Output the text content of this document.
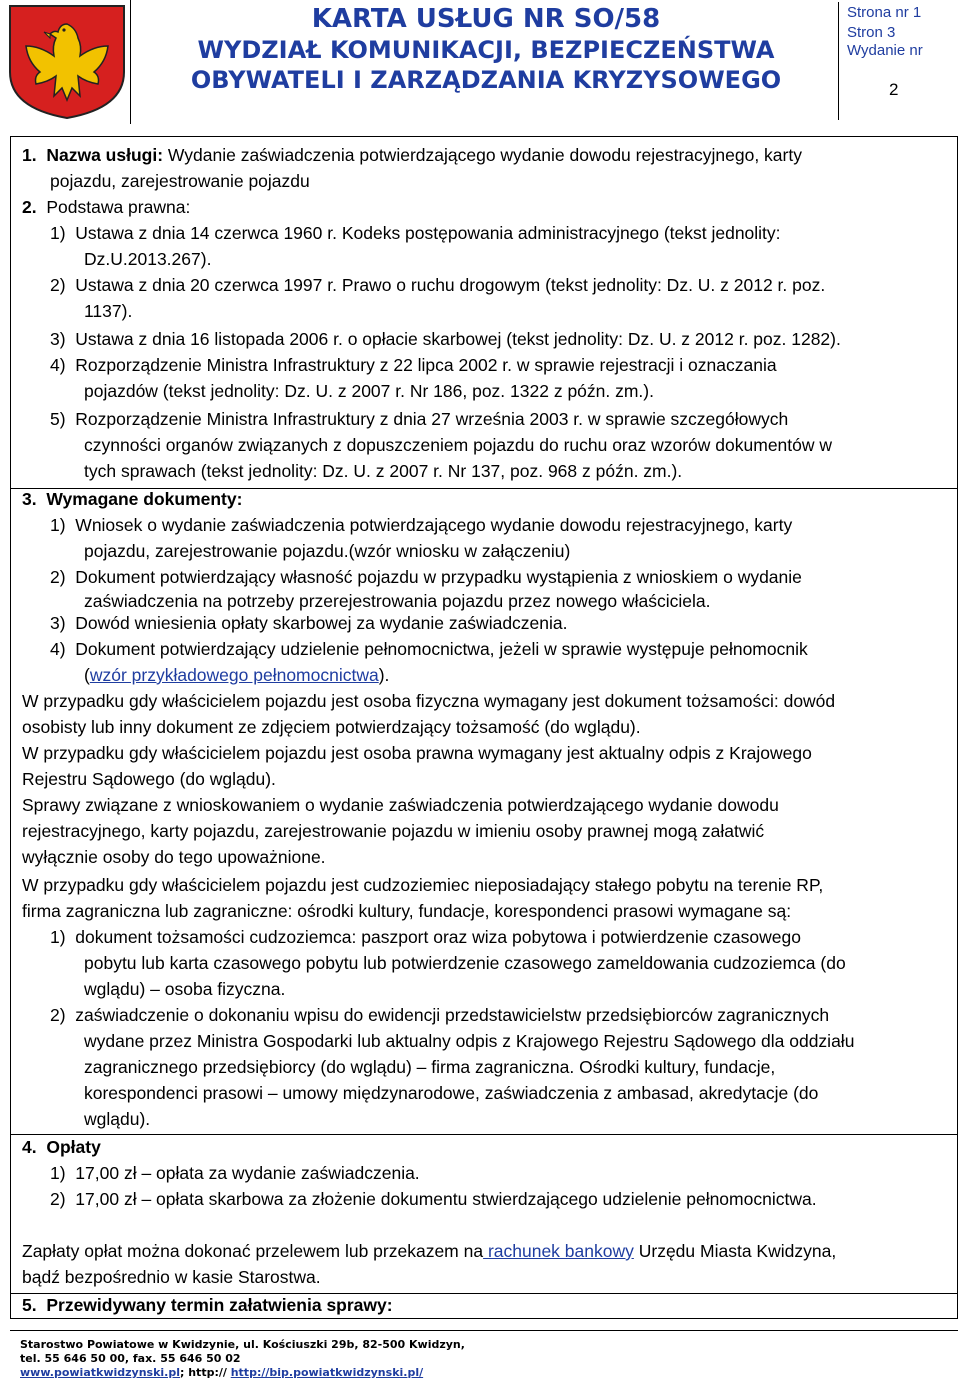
KARTA USŁUG NR SO/58
WYDZIAŁ KOMUNIKACJI, BEZPIECZEŃSTWA
OBYWATELI I ZARZĄDZANIA KRYZYSOWEGO
Strona nr 1
Stron 3
Wydanie nr
2
1. Nazwa usługi: Wydanie zaświadczenia potwierdzającego wydanie dowodu rejestracyjnego, karty
pojazdu, zarejestrowanie pojazdu
2. Podstawa prawna:
1) Ustawa z dnia 14 czerwca 1960 r. Kodeks postępowania administracyjnego (tekst jednolity:
Dz.U.2013.267).
2) Ustawa z dnia 20 czerwca 1997 r. Prawo o ruchu drogowym (tekst jednolity: Dz. U. z 2012 r. poz.
1137).
3) Ustawa z dnia 16 listopada 2006 r. o opłacie skarbowej (tekst jednolity: Dz. U. z 2012 r. poz. 1282).
4) Rozporządzenie Ministra Infrastruktury z 22 lipca 2002 r. w sprawie rejestracji i oznaczania
pojazdów (tekst jednolity: Dz. U. z 2007 r. Nr 186, poz. 1322 z późn. zm.).
5) Rozporządzenie Ministra Infrastruktury z dnia 27 września 2003 r. w sprawie szczegółowych
czynności organów związanych z dopuszczeniem pojazdu do ruchu oraz wzorów dokumentów w
tych sprawach (tekst jednolity: Dz. U. z 2007 r. Nr 137, poz. 968 z późn. zm.).
3. Wymagane dokumenty:
1) Wniosek o wydanie zaświadczenia potwierdzającego wydanie dowodu rejestracyjnego, karty
pojazdu, zarejestrowanie pojazdu.(wzór wniosku w załączeniu)
2) Dokument potwierdzający własność pojazdu w przypadku wystąpienia z wnioskiem o wydanie
zaświadczenia na potrzeby przerejestrowania pojazdu przez nowego właściciela.
3) Dowód wniesienia opłaty skarbowej za wydanie zaświadczenia.
4) Dokument potwierdzający udzielenie pełnomocnictwa, jeżeli w sprawie występuje pełnomocnik
(wzór przykładowego pełnomocnictwa).
W przypadku gdy właścicielem pojazdu jest osoba fizyczna wymagany jest dokument tożsamości: dowód
osobisty lub inny dokument ze zdjęciem potwierdzający tożsamość (do wglądu).
W przypadku gdy właścicielem pojazdu jest osoba prawna wymagany jest aktualny odpis z Krajowego
Rejestru Sądowego (do wglądu).
Sprawy związane z wnioskowaniem o wydanie zaświadczenia potwierdzającego wydanie dowodu
rejestracyjnego, karty pojazdu, zarejestrowanie pojazdu w imieniu osoby prawnej mogą załatwić
wyłącznie osoby do tego upoważnione.
W przypadku gdy właścicielem pojazdu jest cudzoziemiec nieposiadający stałego pobytu na terenie RP,
firma zagraniczna lub zagraniczne: ośrodki kultury, fundacje, korespondenci prasowi wymagane są:
1) dokument tożsamości cudzoziemca: paszport oraz wiza pobytowa i potwierdzenie czasowego
pobytu lub karta czasowego pobytu lub potwierdzenie czasowego zameldowania cudzoziemca (do
wglądu) – osoba fizyczna.
2) zaświadczenie o dokonaniu wpisu do ewidencji przedstawicielstw przedsiębiorców zagranicznych
wydane przez Ministra Gospodarki lub aktualny odpis z Krajowego Rejestru Sądowego dla oddziału
zagranicznego przedsiębiorcy (do wglądu) – firma zagraniczna. Ośrodki kultury, fundacje,
korespondenci prasowi – umowy międzynarodowe, zaświadczenia z ambasad, akredytacje (do
wglądu).
4. Opłaty
1) 17,00 zł – opłata za wydanie zaświadczenia.
2) 17,00 zł – opłata skarbowa za złożenie dokumentu stwierdzającego udzielenie pełnomocnictwa.
Zapłaty opłat można dokonać przelewem lub przekazem na rachunek bankowy Urzędu Miasta Kwidzyna,
bądź bezpośrednio w kasie Starostwa.
5. Przewidywany termin załatwienia sprawy:
Starostwo Powiatowe w Kwidzynie, ul. Kościuszki 29b, 82-500 Kwidzyn,
tel. 55 646 50 00, fax. 55 646 50 02
www.powiatkwidzynski.pl; http:// http://bip.powiatkwidzynski.pl/
